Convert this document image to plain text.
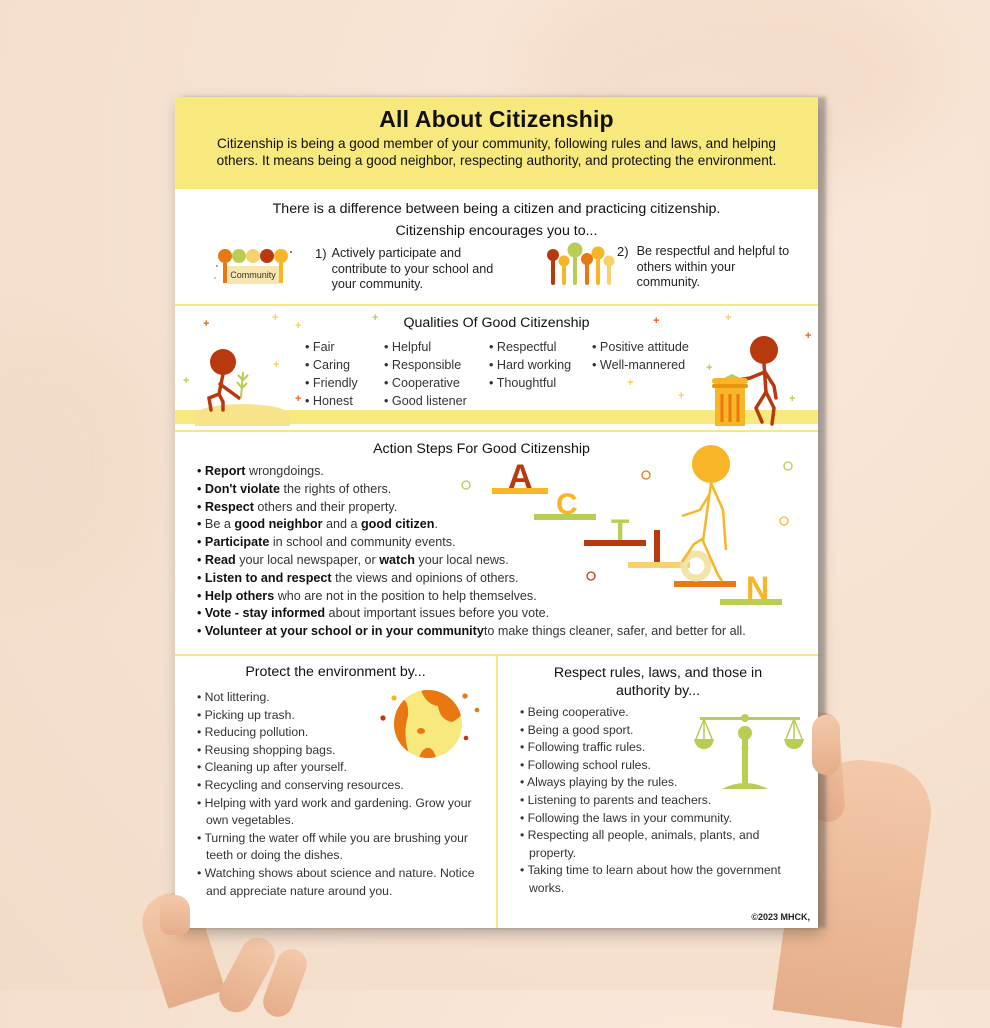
All About Citizenship
Citizenship is being a good member of your community, following rules and laws, and helping others. It means being a good neighbor, respecting authority, and protecting the environment.
There is a difference between being a citizen and practicing citizenship.
Citizenship encourages you to...
Community
1) Actively participate and contribute to your school and your community.
2) Be respectful and helpful to others within your community.
Qualities Of Good Citizenship
• Fair
• Caring
• Friendly
• Honest
• Helpful
• Responsible
• Cooperative
• Good listener
• Respectful
• Hard working
• Thoughtful
• Positive attitude
• Well-mannered
+	+
+
+
+
+
+	+	+
+
+
+
+	+
Action Steps For Good Citizenship
• Report wrongdoings.
• Don't violate the rights of others.
• Respect others and their property.
• Be a good neighbor and a good citizen.
• Participate in school and community events.
• Read your local newspaper, or watch your local news.
• Listen to and respect the views and opinions of others.
• Help others who are not in the position to help themselves.
• Vote - stay informed about important issues before you vote.
• Volunteer at your school or in your communityto make things cleaner, safer, and better for all.
A
C
T
N
Protect the environment by...
• Not littering.
• Picking up trash.
• Reducing pollution.
• Reusing shopping bags.
• Cleaning up after yourself.
• Recycling and conserving resources.
• Helping with yard work and gardening. Grow your own vegetables.
• Turning the water off while you are brushing your teeth or doing the dishes.
• Watching shows about science and nature. Notice and appreciate nature around you.
Respect rules, laws, and those in authority by...
• Being cooperative.
• Being a good sport.
• Following traffic rules.
• Following school rules.
• Always playing by the rules.
• Listening to parents and teachers.
• Following the laws in your community.
• Respecting all people, animals, plants, and property.
• Taking time to learn about how the government works.
©2023 MHCK,
